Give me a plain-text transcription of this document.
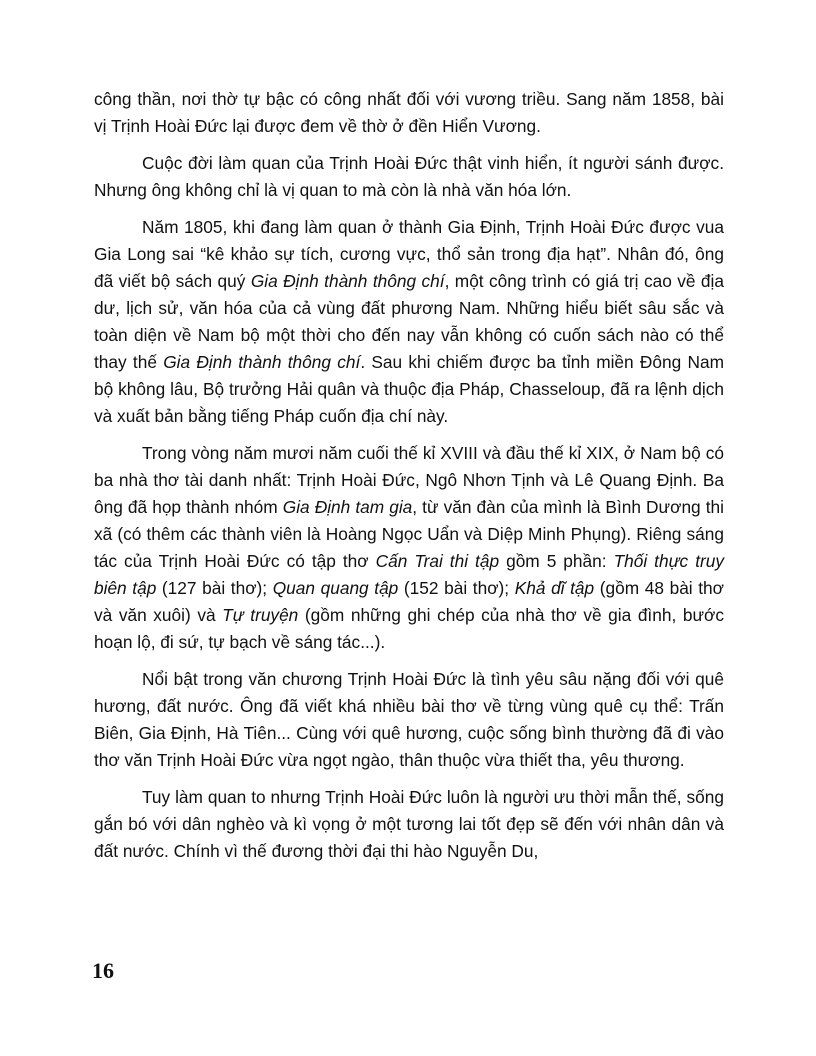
công thần, nơi thờ tự bậc có công nhất đối với vương triều. Sang năm 1858, bài vị Trịnh Hoài Đức lại được đem về thờ ở đền Hiển Vương.

Cuộc đời làm quan của Trịnh Hoài Đức thật vinh hiển, ít người sánh được. Nhưng ông không chỉ là vị quan to mà còn là nhà văn hóa lớn.

Năm 1805, khi đang làm quan ở thành Gia Định, Trịnh Hoài Đức được vua Gia Long sai “kê khảo sự tích, cương vực, thổ sản trong địa hạt”. Nhân đó, ông đã viết bộ sách quý Gia Định thành thông chí, một công trình có giá trị cao về địa dư, lịch sử, văn hóa của cả vùng đất phương Nam. Những hiểu biết sâu sắc và toàn diện về Nam bộ một thời cho đến nay vẫn không có cuốn sách nào có thể thay thế Gia Định thành thông chí. Sau khi chiếm được ba tỉnh miền Đông Nam bộ không lâu, Bộ trưởng Hải quân và thuộc địa Pháp, Chasseloup, đã ra lệnh dịch và xuất bản bằng tiếng Pháp cuốn địa chí này.

Trong vòng năm mươi năm cuối thế kỉ XVIII và đầu thế kỉ XIX, ở Nam bộ có ba nhà thơ tài danh nhất: Trịnh Hoài Đức, Ngô Nhơn Tịnh và Lê Quang Định. Ba ông đã họp thành nhóm Gia Định tam gia, từ văn đàn của mình là Bình Dương thi xã (có thêm các thành viên là Hoàng Ngọc Uẩn và Diệp Minh Phụng). Riêng sáng tác của Trịnh Hoài Đức có tập thơ Cấn Trai thi tập gồm 5 phần: Thối thực truy biên tập (127 bài thơ); Quan quang tập (152 bài thơ); Khả dĩ tập (gồm 48 bài thơ và văn xuôi) và Tự truyện (gồm những ghi chép của nhà thơ về gia đình, bước hoạn lộ, đi sứ, tự bạch về sáng tác...).

Nổi bật trong văn chương Trịnh Hoài Đức là tình yêu sâu nặng đối với quê hương, đất nước. Ông đã viết khá nhiều bài thơ về từng vùng quê cụ thể: Trấn Biên, Gia Định, Hà Tiên... Cùng với quê hương, cuộc sống bình thường đã đi vào thơ văn Trịnh Hoài Đức vừa ngọt ngào, thân thuộc vừa thiết tha, yêu thương.

Tuy làm quan to nhưng Trịnh Hoài Đức luôn là người ưu thời mẫn thế, sống gắn bó với dân nghèo và kì vọng ở một tương lai tốt đẹp sẽ đến với nhân dân và đất nước. Chính vì thế đương thời đại thi hào Nguyễn Du,

16
